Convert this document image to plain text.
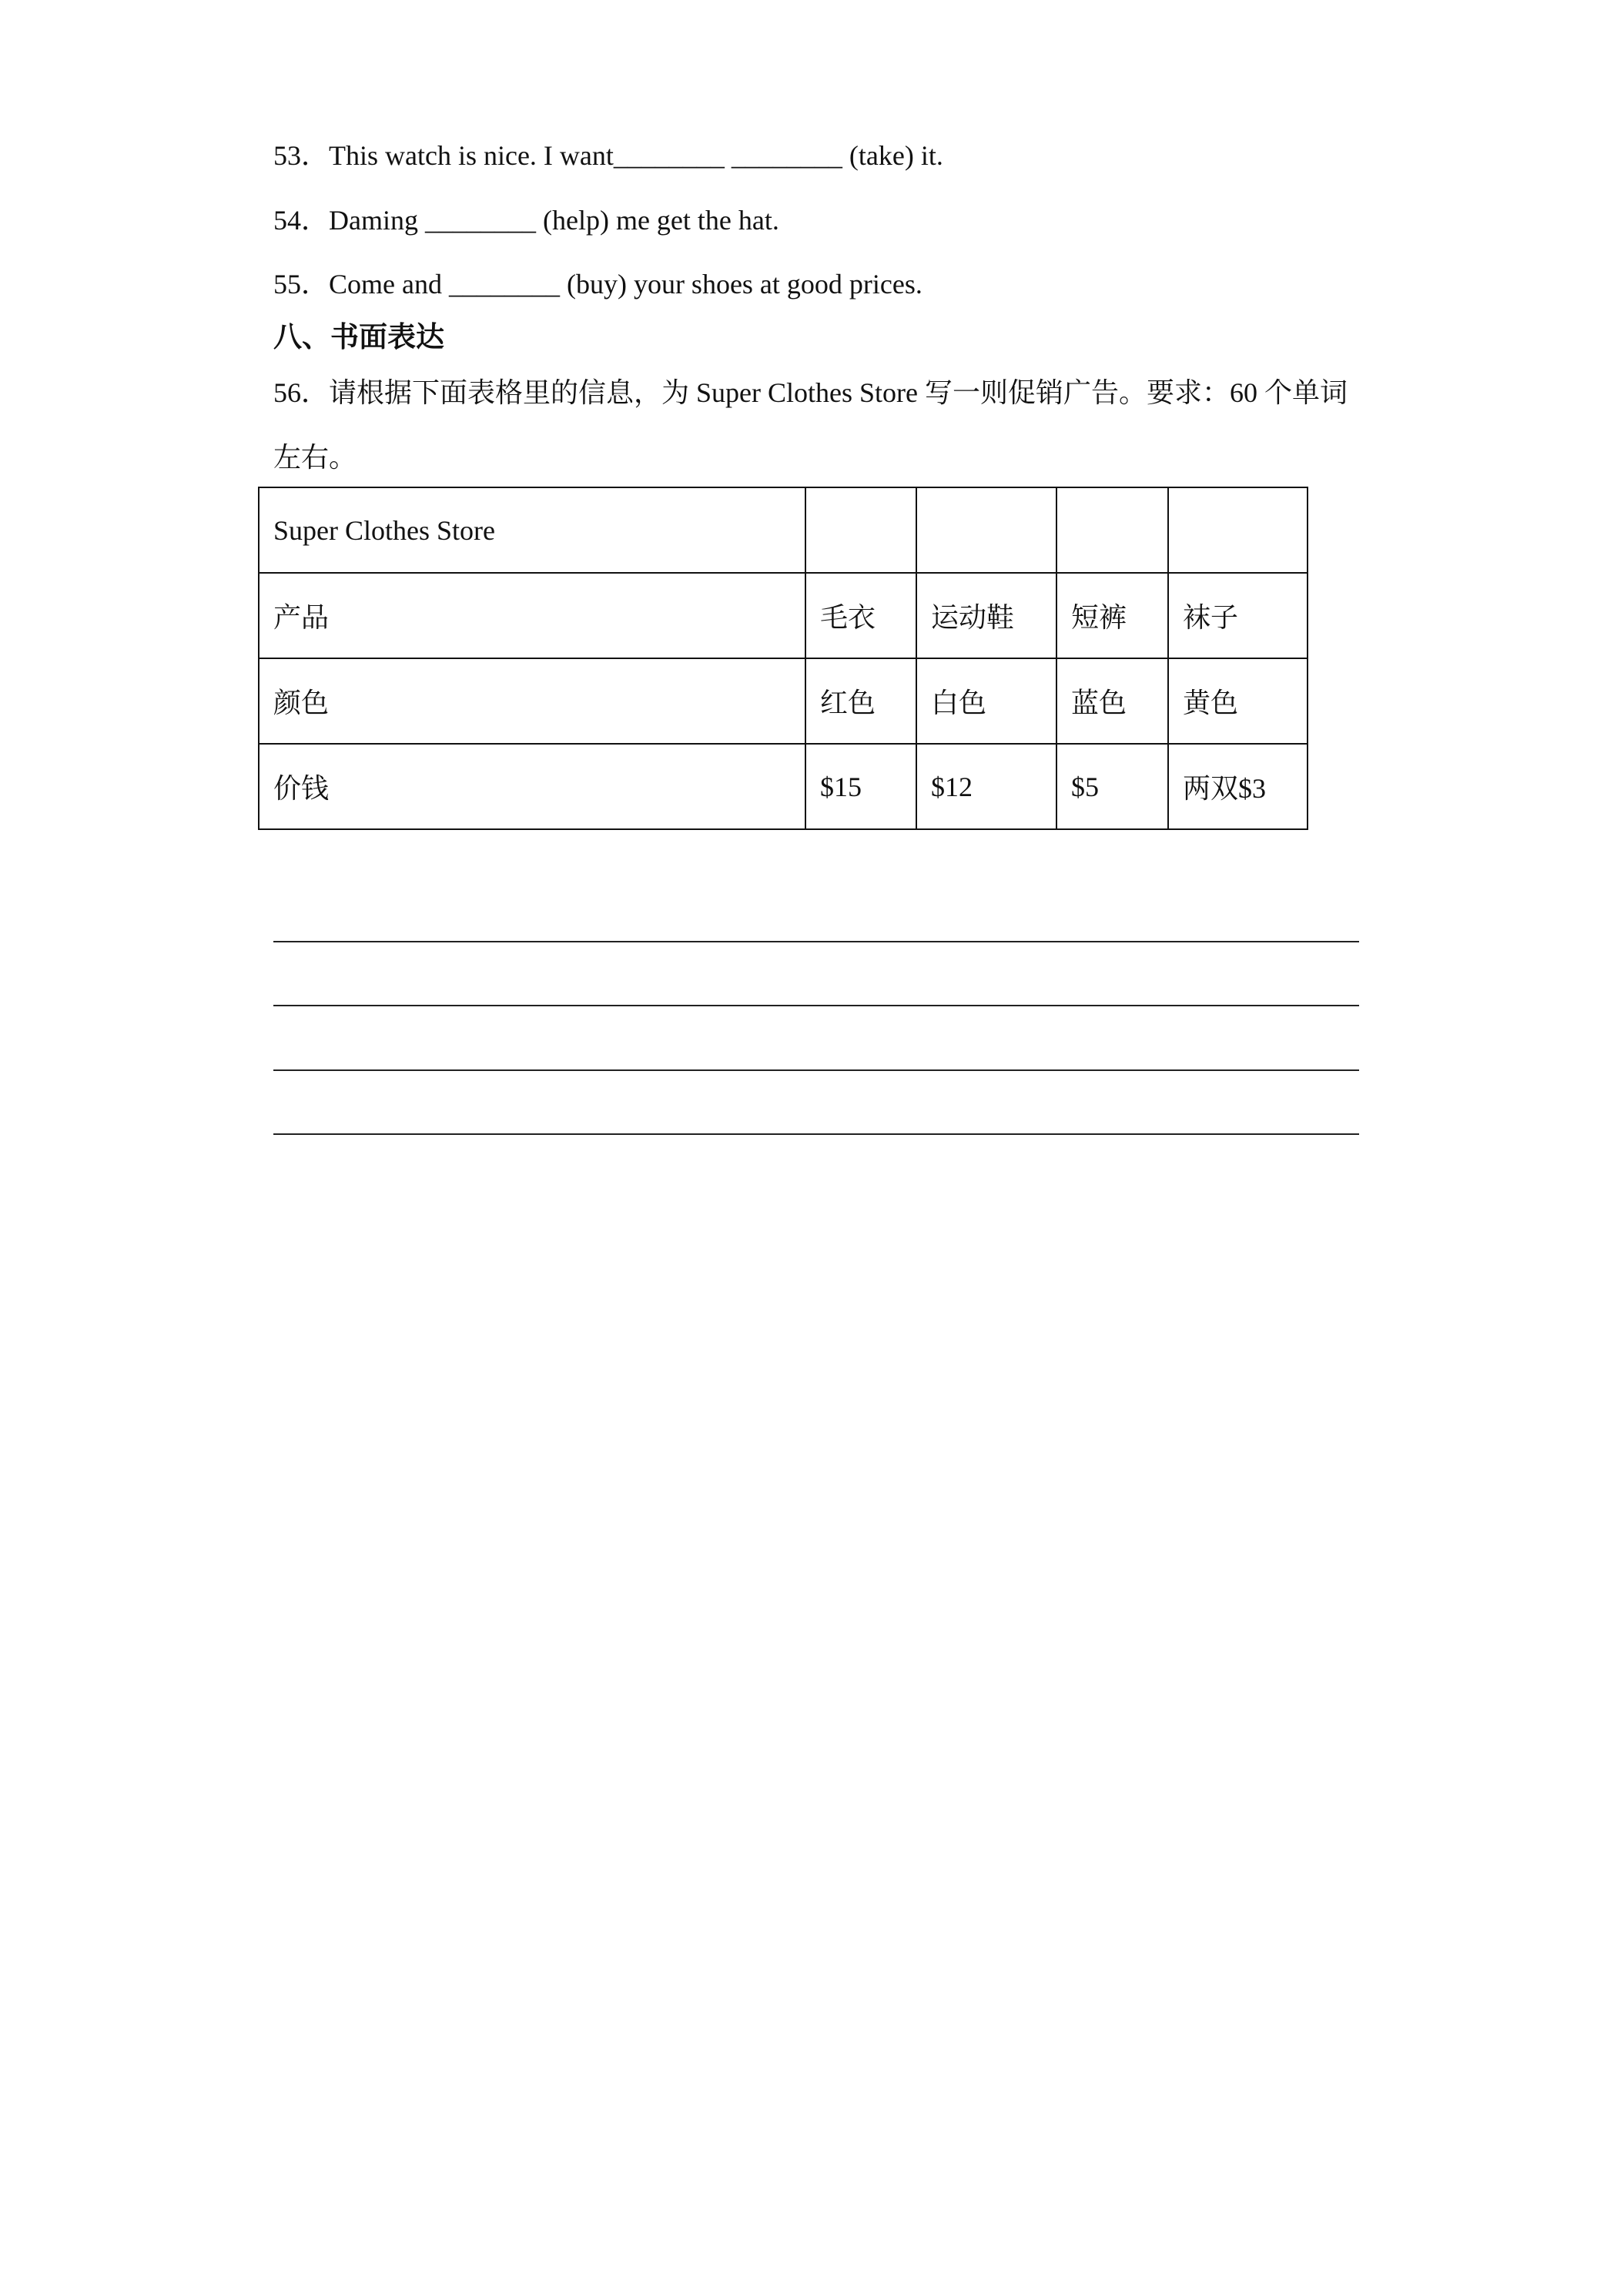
53．This watch is nice. I want________ ________ (take) it.
54．Daming ________ (help) me get the hat.
55．Come and ________ (buy) your shoes at good prices.
八、书面表达
56．请根据下面表格里的信息，为 Super Clothes Store 写一则促销广告。要求：60 个单词左右。
Super Clothes Store				
产品	毛衣	运动鞋	短裤	袜子
颜色	红色	白色	蓝色	黄色
价钱	$15	$12	$5	两双$3
